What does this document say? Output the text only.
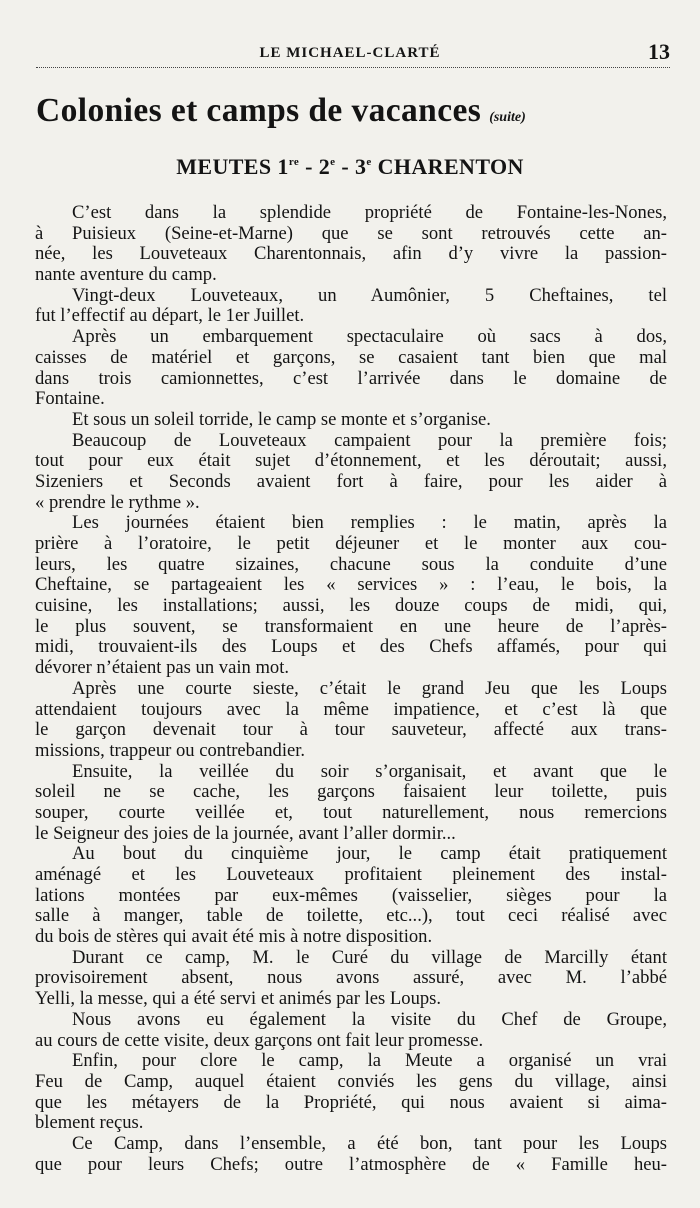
LE MICHAEL-CLARTÉ	13
Colonies et camps de vacances (suite)
MEUTES 1re - 2e - 3e CHARENTON
C’est dans la splendide propriété de Fontaine-les-Nones,
à Puisieux (Seine-et-Marne) que se sont retrouvés cette an-
née, les Louveteaux Charentonnais, afin d’y vivre la passion-
nante aventure du camp.
Vingt-deux Louveteaux, un Aumônier, 5 Cheftaines, tel
fut l’effectif au départ, le 1er Juillet.
Après un embarquement spectaculaire où sacs à dos,
caisses de matériel et garçons, se casaient tant bien que mal
dans trois camionnettes, c’est l’arrivée dans le domaine de
Fontaine.
Et sous un soleil torride, le camp se monte et s’organise.
Beaucoup de Louveteaux campaient pour la première fois;
tout pour eux était sujet d’étonnement, et les déroutait; aussi,
Sizeniers et Seconds avaient fort à faire, pour les aider à
« prendre le rythme ».
Les journées étaient bien remplies : le matin, après la
prière à l’oratoire, le petit déjeuner et le monter aux cou-
leurs, les quatre sizaines, chacune sous la conduite d’une
Cheftaine, se partageaient les « services » : l’eau, le bois, la
cuisine, les installations; aussi, les douze coups de midi, qui,
le plus souvent, se transformaient en une heure de l’après-
midi, trouvaient-ils des Loups et des Chefs affamés, pour qui
dévorer n’étaient pas un vain mot.
Après une courte sieste, c’était le grand Jeu que les Loups
attendaient toujours avec la même impatience, et c’est là que
le garçon devenait tour à tour sauveteur, affecté aux trans-
missions, trappeur ou contrebandier.
Ensuite, la veillée du soir s’organisait, et avant que le
soleil ne se cache, les garçons faisaient leur toilette, puis
souper, courte veillée et, tout naturellement, nous remercions
le Seigneur des joies de la journée, avant l’aller dormir...
Au bout du cinquième jour, le camp était pratiquement
aménagé et les Louveteaux profitaient pleinement des instal-
lations montées par eux-mêmes (vaisselier, sièges pour la
salle à manger, table de toilette, etc...), tout ceci réalisé avec
du bois de stères qui avait été mis à notre disposition.
Durant ce camp, M. le Curé du village de Marcilly étant
provisoirement absent, nous avons assuré, avec M. l’abbé
Yelli, la messe, qui a été servi et animés par les Loups.
Nous avons eu également la visite du Chef de Groupe,
au cours de cette visite, deux garçons ont fait leur promesse.
Enfin, pour clore le camp, la Meute a organisé un vrai
Feu de Camp, auquel étaient conviés les gens du village, ainsi
que les métayers de la Propriété, qui nous avaient si aima-
blement reçus.
Ce Camp, dans l’ensemble, a été bon, tant pour les Loups
que pour leurs Chefs; outre l’atmosphère de « Famille heu-
